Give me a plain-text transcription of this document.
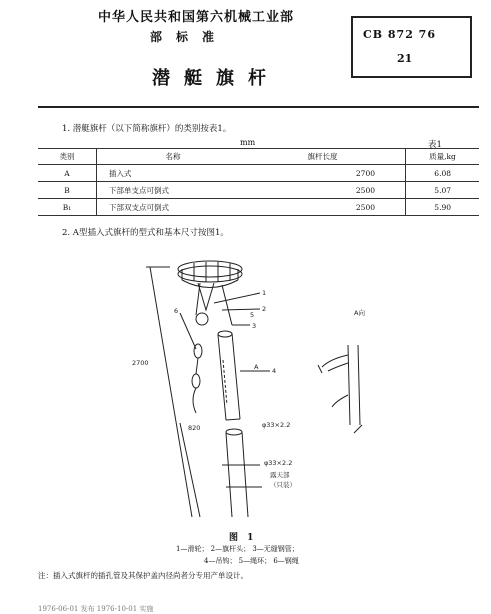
中华人民共和国第六机械工业部
部标准
潜艇旗杆
CB 872 76
21
1. 潜艇旗杆（以下简称旗杆）的类别按表1。
mm	表1
类别	名称	旗杆长度	质量,kg
A	插入式	2700	6.08
B	下部单支点可倒式	2500	5.07
B₁	下部双支点可倒式	2500	5.90
2. A型插入式旗杆的型式和基本尺寸按图1。
1
2
3
4
5
6
2700
820	φ33×2.2
φ33×2.2
露天部
（只装）
A向
A
图 1
1—滑轮； 2—旗杆头； 3—无缝钢管；
4—吊钩； 5—绳环； 6—钢绳
注：插入式旗杆的插孔管及其保护盖内径尚者分专用产单设计。
1976-06-01 发布 1976-10-01 实施
